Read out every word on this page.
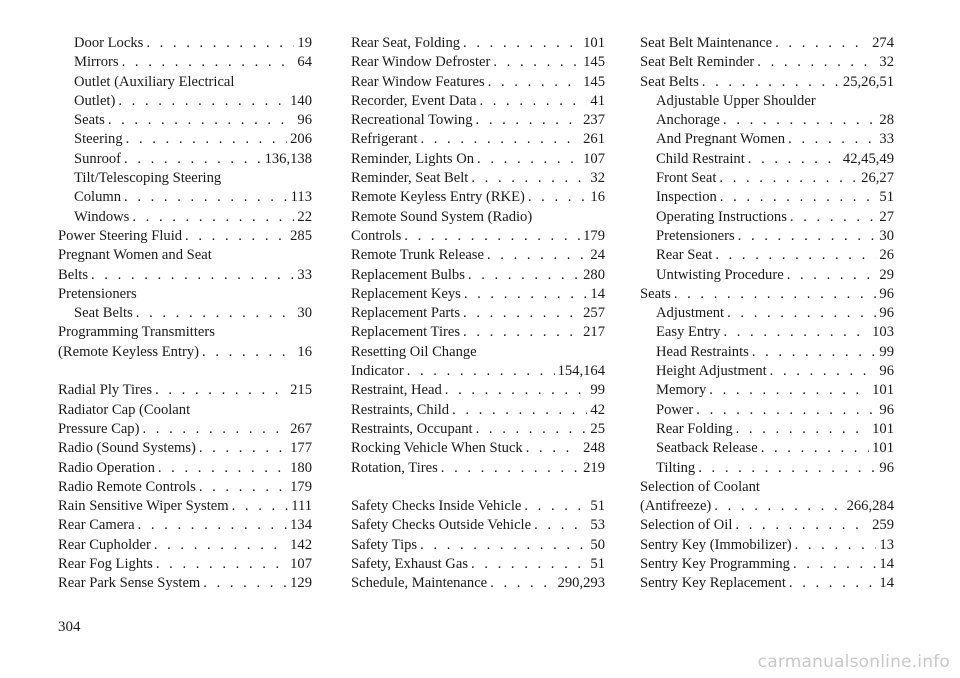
Door Locks . . .	19
Mirrors . . .	64
Outlet (Auxiliary Electrical
Outlet) . . .	140
Seats . . .	96
Steering . . .	206
Sunroof . . .	136,138
Tilt/Telescoping Steering
Column . . .	113
Windows . . .	22
Power Steering Fluid . . .	285
Pregnant Women and Seat
Belts . . .	33
Pretensioners
Seat Belts . . .	30
Programming Transmitters
(Remote Keyless Entry) . . .	16
Radial Ply Tires . . .	215
Radiator Cap (Coolant
Pressure Cap) . . .	267
Radio (Sound Systems) . . .	177
Radio Operation . . .	180
Radio Remote Controls . . .	179
Rain Sensitive Wiper System . . .	111
Rear Camera . . .	134
Rear Cupholder . . .	142
Rear Fog Lights . . .	107
Rear Park Sense System . . .	129
Rear Seat, Folding . . .	101
Rear Window Defroster . . .	145
Rear Window Features . . .	145
Recorder, Event Data . . .	41
Recreational Towing . . .	237
Refrigerant . . .	261
Reminder, Lights On . . .	107
Reminder, Seat Belt . . .	32
Remote Keyless Entry (RKE) . . .	16
Remote Sound System (Radio)
Controls . . .	179
Remote Trunk Release . . .	24
Replacement Bulbs . . .	280
Replacement Keys . . .	14
Replacement Parts . . .	257
Replacement Tires . . .	217
Resetting Oil Change
Indicator . . .	154,164
Restraint, Head . . .	99
Restraints, Child . . .	42
Restraints, Occupant . . .	25
Rocking Vehicle When Stuck . . .	248
Rotation, Tires . . .	219
Safety Checks Inside Vehicle . . .	51
Safety Checks Outside Vehicle . . .	53
Safety Tips . . .	50
Safety, Exhaust Gas . . .	51
Schedule, Maintenance . . .	290,293
Seat Belt Maintenance . . .	274
Seat Belt Reminder . . .	32
Seat Belts . . .	25,26,51
Adjustable Upper Shoulder
Anchorage . . .	28
And Pregnant Women . . .	33
Child Restraint . . .	42,45,49
Front Seat . . .	26,27
Inspection . . .	51
Operating Instructions . . .	27
Pretensioners . . .	30
Rear Seat . . .	26
Untwisting Procedure . . .	29
Seats . . .	96
Adjustment . . .	96
Easy Entry . . .	103
Head Restraints . . .	99
Height Adjustment . . .	96
Memory . . .	101
Power . . .	96
Rear Folding . . .	101
Seatback Release . . .	101
Tilting . . .	96
Selection of Coolant
(Antifreeze) . . .	266,284
Selection of Oil . . .	259
Sentry Key (Immobilizer) . . .	13
Sentry Key Programming . . .	14
Sentry Key Replacement . . .	14
304
carmanualsonline.info
